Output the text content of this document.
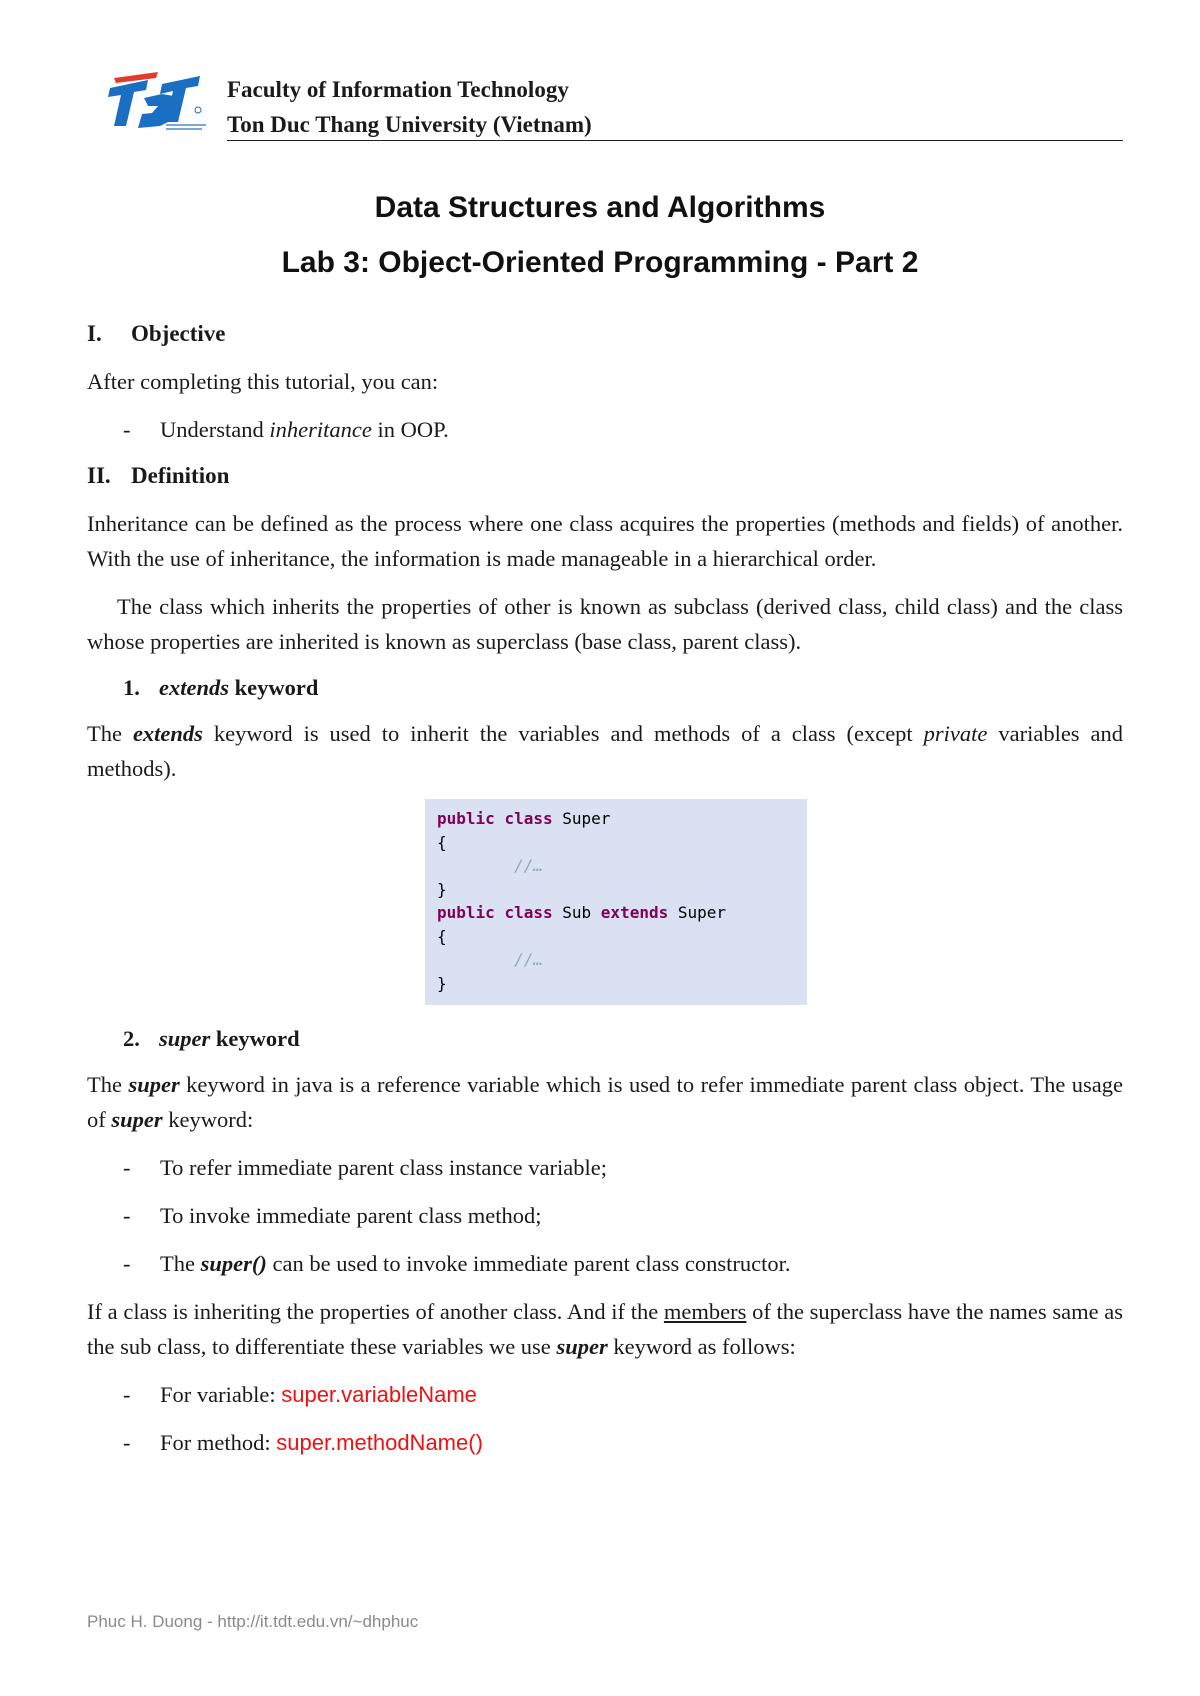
Faculty of Information Technology
Ton Duc Thang University (Vietnam)
Data Structures and Algorithms
Lab 3: Object-Oriented Programming - Part 2
I. Objective

After completing this tutorial, you can:

- Understand inheritance in OOP.
II. Definition

Inheritance can be defined as the process where one class acquires the properties (methods and fields) of another. With the use of inheritance, the information is made manageable in a hierarchical order.

The class which inherits the properties of other is known as subclass (derived class, child class) and the class whose properties are inherited is known as superclass (base class, parent class).

1. extends keyword

The extends keyword is used to inherit the variables and methods of a class (except private variables and methods).

public class Super
{
//…
}
public class Sub extends Super
{
//…
}
2. super keyword

The super keyword in java is a reference variable which is used to refer immediate parent class object. The usage of super keyword:

- To refer immediate parent class instance variable;
- To invoke immediate parent class method;
- The super() can be used to invoke immediate parent class constructor.

If a class is inheriting the properties of another class. And if the members of the superclass have the names same as the sub class, to differentiate these variables we use super keyword as follows:

- For variable: super.variableName
- For method: super.methodName()
Phuc H. Duong - http://it.tdt.edu.vn/~dhphuc
